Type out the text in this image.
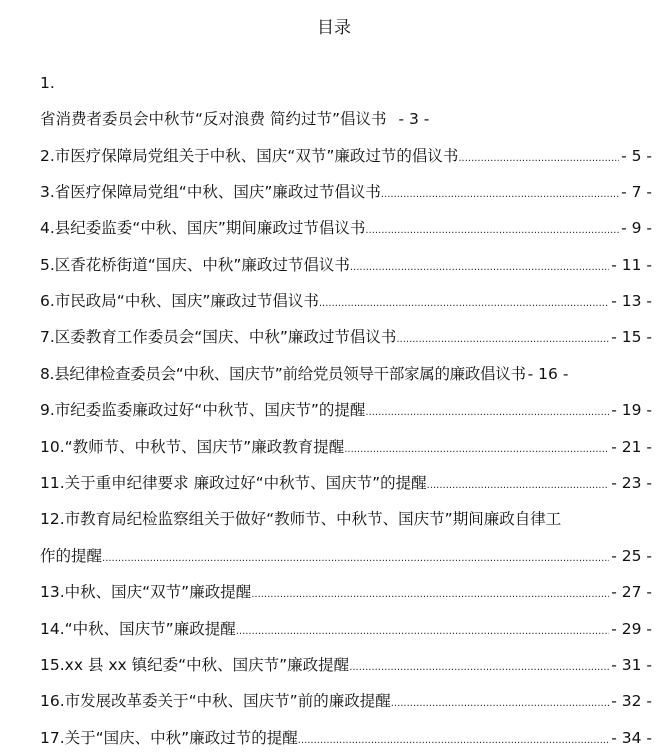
目录
1.
省消费者委员会中秋节“反对浪费 简约过节”倡议书 - 3 -
2.市医疗保障局党组关于中秋、国庆“双节”廉政过节的倡议书 .....	- 5 -
3.省医疗保障局党组“中秋、国庆”廉政过节倡议书 .....	- 7 -
4.县纪委监委“中秋、国庆”期间廉政过节倡议书 .....	- 9 -
5.区香花桥街道“国庆、中秋”廉政过节倡议书 .....	- 11 -
6.市民政局“中秋、国庆”廉政过节倡议书 .....	- 13 -
7.区委教育工作委员会“国庆、中秋”廉政过节倡议书 .....	- 15 -
8.县纪律检查委员会“中秋、国庆节”前给党员领导干部家属的廉政倡议书 - 16 -
9.市纪委监委廉政过好“中秋节、国庆节”的提醒 .....	- 19 -
10.“教师节、中秋节、国庆节”廉政教育提醒 .....	- 21 -
11.关于重申纪律要求 廉政过好“中秋节、国庆节”的提醒 .....	- 23 -
12.市教育局纪检监察组关于做好“教师节、中秋节、国庆节”期间廉政自律工
作的提醒 .....	- 25 -
13.中秋、国庆“双节”廉政提醒 .....	- 27 -
14.“中秋、国庆节”廉政提醒 .....	- 29 -
15.xx 县 xx 镇纪委“中秋、国庆节”廉政提醒 .....	- 31 -
16.市发展改革委关于“中秋、国庆节”前的廉政提醒 .....	- 32 -
17.关于“国庆、中秋”廉政过节的提醒 .....	- 34 -
